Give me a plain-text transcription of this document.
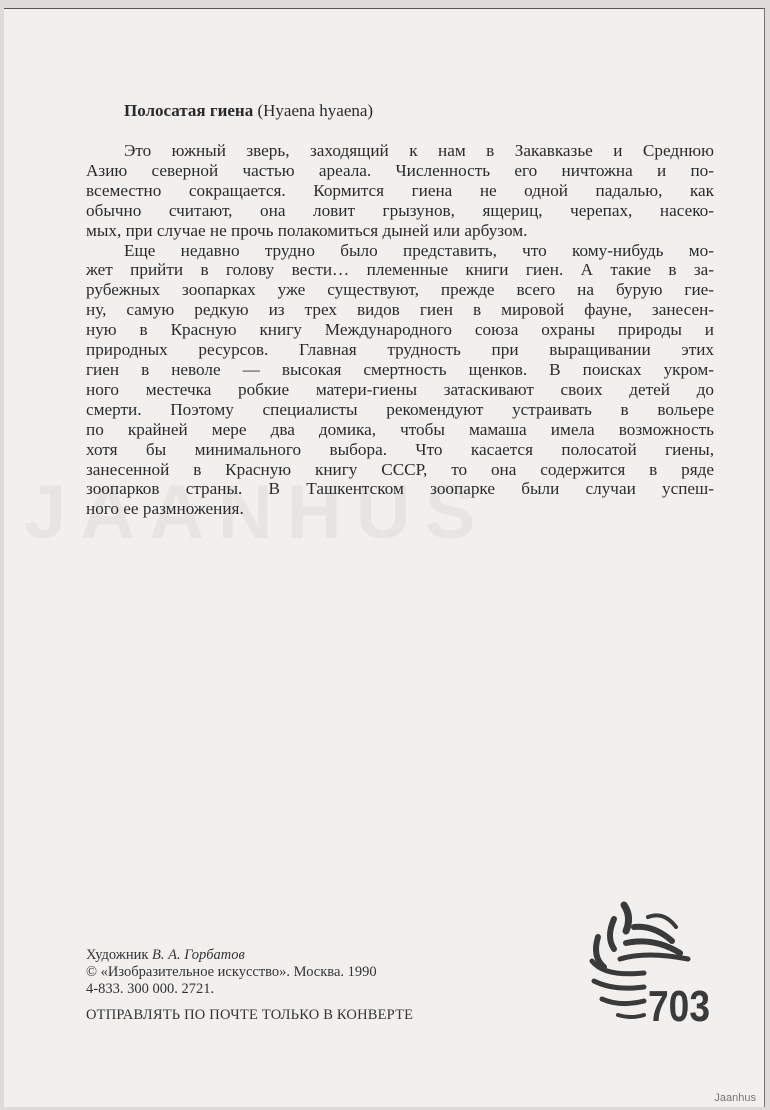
Полосатая гиена (Hyaena hyaena)
Это южный зверь, заходящий к нам в Закавказье и Среднюю
Азию северной частью ареала. Численность его ничтожна и по-
всеместно сокращается. Кормится гиена не одной падалью, как
обычно считают, она ловит грызунов, ящериц, черепах, насеко-
мых, при случае не прочь полакомиться дыней или арбузом.
Еще недавно трудно было представить, что кому-нибудь мо-
жет прийти в голову вести… племенные книги гиен. А такие в за-
рубежных зоопарках уже существуют, прежде всего на бурую гие-
ну, самую редкую из трех видов гиен в мировой фауне, занесен-
ную в Красную книгу Международного союза охраны природы и
природных ресурсов. Главная трудность при выращивании этих
гиен в неволе — высокая смертность щенков. В поисках укром-
ного местечка робкие матери-гиены затаскивают своих детей до
смерти. Поэтому специалисты рекомендуют устраивать в вольере
по крайней мере два домика, чтобы мамаша имела возможность
хотя бы минимального выбора. Что касается полосатой гиены,
занесенной в Красную книгу СССР, то она содержится в ряде
зоопарков страны. В Ташкентском зоопарке были случаи успеш-
ного ее размножения.
Художник В. А. Горбатов
© «Изобразительное искусство». Москва. 1990
4-833. 300 000. 2721.
ОТПРАВЛЯТЬ ПО ПОЧТЕ ТОЛЬКО В КОНВЕРТЕ	703
Jaanhus
